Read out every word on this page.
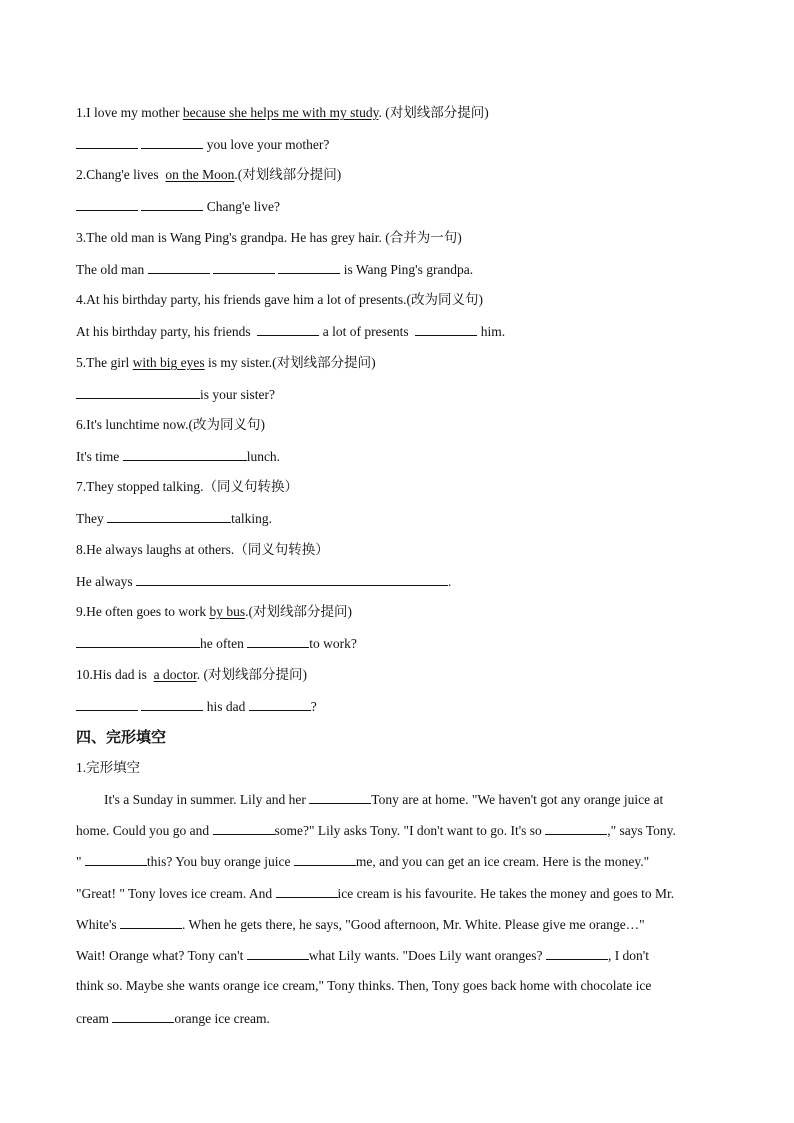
1.I love my mother because she helps me with my study. (对划线部分提问)
you love your mother?
2.Chang'e lives  on the Moon.(对划线部分提问)
Chang'e live?
3.The old man is Wang Ping's grandpa. He has grey hair. (合并为一句)
The old man	is Wang Ping's grandpa.
4.At his birthday party, his friends gave him a lot of presents.(改为同义句)
At his birthday party, his friends	a lot of presents	him.
5.The girl with big eyes is my sister.(对划线部分提问)
is your sister?
6.It's lunchtime now.(改为同义句)
It's time	lunch.
7.They stopped talking.（同义句转换）
They	talking.
8.He always laughs at others.（同义句转换）
He always	.
9.He often goes to work by bus.(对划线部分提问)
he often	to work?
10.His dad is  a doctor. (对划线部分提问)
his dad	?
四、完形填空
1.完形填空
It's a Sunday in summer. Lily and her	Tony are at home. "We haven't got any orange juice at
home. Could you go and	some?" Lily asks Tony. "I don't want to go. It's so	," says Tony.
"	this? You buy orange juice	me, and you can get an ice cream. Here is the money."
"Great! " Tony loves ice cream. And	ice cream is his favourite. He takes the money and goes to Mr.
White's	. When he gets there, he says, "Good afternoon, Mr. White. Please give me orange…"
Wait! Orange what? Tony can't	what Lily wants. "Does Lily want oranges?	, I don't
think so. Maybe she wants orange ice cream," Tony thinks. Then, Tony goes back home with chocolate ice
cream	orange ice cream.
